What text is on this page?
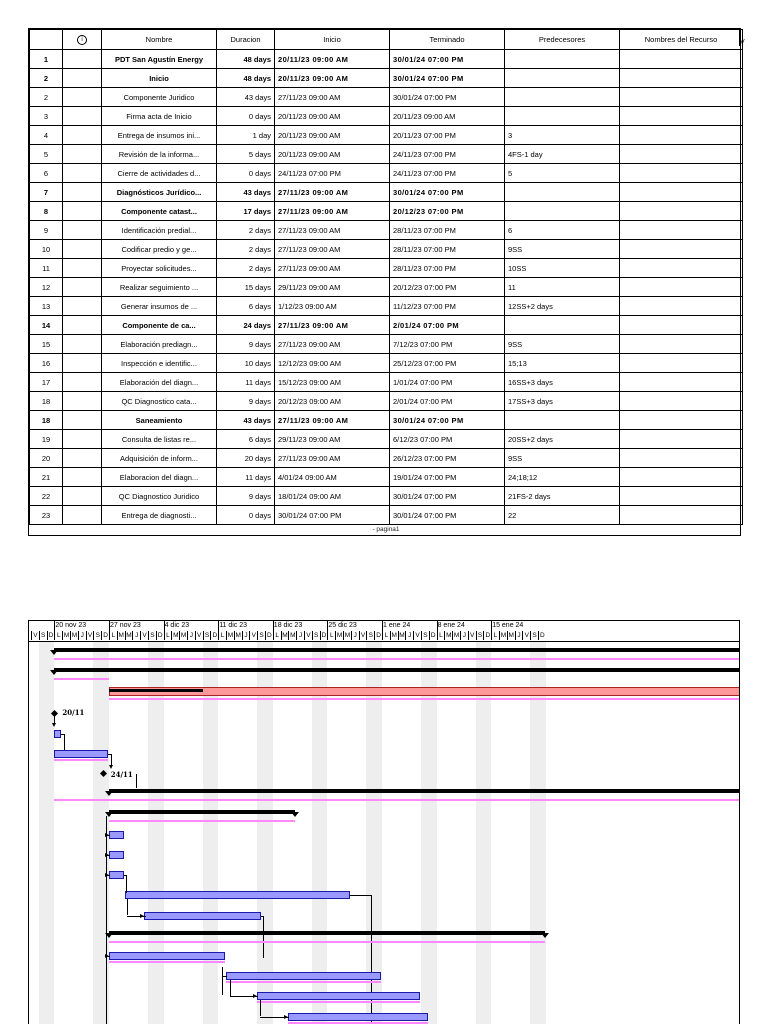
	i	Nombre	Duracion	Inicio	Terminado	Predecesores	Nombres del Recurso
1		PDT San Agustín Energy	48 days	20/11/23 09:00 AM	30/01/24 07:00 PM		
2		Inicio	48 days	20/11/23 09:00 AM	30/01/24 07:00 PM		
2		Componente Juridico	43 days	27/11/23 09:00 AM	30/01/24 07:00 PM		
3		Firma acta de Inicio	0 days	20/11/23 09:00 AM	20/11/23 09:00 AM		
4		Entrega de insumos ini...	1 day	20/11/23 09:00 AM	20/11/23 07:00 PM	3	
5		Revisión de la informa...	5 days	20/11/23 09:00 AM	24/11/23 07:00 PM	4FS-1 day	
6		Cierre de actividades d...	0 days	24/11/23 07:00 PM	24/11/23 07:00 PM	5	
7		Diagnósticos Jurídico...	43 days	27/11/23 09:00 AM	30/01/24 07:00 PM		
8		Componente catast...	17 days	27/11/23 09:00 AM	20/12/23 07:00 PM		
9		Identificación predial...	2 days	27/11/23 09:00 AM	28/11/23 07:00 PM	6	
10		Codificar predio y ge...	2 days	27/11/23 09:00 AM	28/11/23 07:00 PM	9SS	
11		Proyectar solicitudes...	2 days	27/11/23 09:00 AM	28/11/23 07:00 PM	10SS	
12		Realizar seguimiento ...	15 days	29/11/23 09:00 AM	20/12/23 07:00 PM	11	
13		Generar insumos de ...	6 days	1/12/23 09:00 AM	11/12/23 07:00 PM	12SS+2 days	
14		Componente de ca...	24 days	27/11/23 09:00 AM	2/01/24 07:00 PM		
15		Elaboración prediagn...	9 days	27/11/23 09:00 AM	7/12/23 07:00 PM	9SS	
16		Inspección e identific...	10 days	12/12/23 09:00 AM	25/12/23 07:00 PM	15;13	
17		Elaboración del diagn...	11 days	15/12/23 09:00 AM	1/01/24 07:00 PM	16SS+3 days	
18		QC Diagnostico cata...	9 days	20/12/23 09:00 AM	2/01/24 07:00 PM	17SS+3 days	
18		Saneamiento	43 days	27/11/23 09:00 AM	30/01/24 07:00 PM		
19		Consulta de listas re...	6 days	29/11/23 09:00 AM	6/12/23 07:00 PM	20SS+2 days	
20		Adquisición de inform...	20 days	27/11/23 09:00 AM	26/12/23 07:00 PM	9SS	
21		Elaboracion del diagn...	11 days	4/01/24 09:00 AM	19/01/24 07:00 PM	24;18;12	
22		QC Diagnostico Juridico	9 days	18/01/24 09:00 AM	30/01/24 07:00 PM	21FS-2 days	
23		Entrega de diagnosti...	0 days	30/01/24 07:00 PM	30/01/24 07:00 PM	22	
- pagina1							
V
V S D
20 nov 23
L M M J V S D
27 nov 23
L M M J V S D
4 dic 23
L M M J V S D
11 dic 23
L M M J V S D
18 dic 23
L M M J V S D
25 dic 23
L M M J V S D
1 ene 24
L M M J V S D
8 ene 24
L M M J V S D
15 ene 24
L M M J V S D
20/11
24/11
